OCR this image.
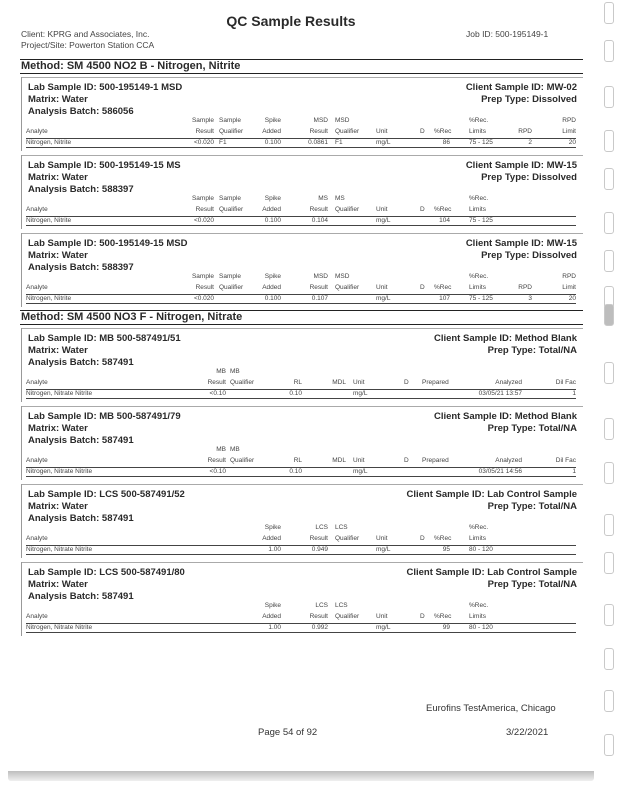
QC Sample Results
Client: KPRG and Associates, Inc.
Project/Site: Powerton Station CCA
Job ID: 500-195149-1
Method: SM 4500 NO2 B - Nitrogen, Nitrite
Method: SM 4500 NO3 F - Nitrogen, Nitrate
Lab Sample ID: 500-195149-1 MSD
Matrix: Water
Analysis Batch: 586056
Client Sample ID: MW-02
Prep Type: Dissolved
Sample Sample	Spike	MSD MSD	%Rec.	RPD
Analyte	Result Qualifier	Added	Result Qualifier	Unit	D %Rec	Limits	RPD	Limit
Nitrogen, Nitrite	<0.020 F1	0.100	0.0861 F1	mg/L	86	75 - 125	2	20
Lab Sample ID: 500-195149-15 MS
Matrix: Water
Analysis Batch: 588397
Client Sample ID: MW-15
Prep Type: Dissolved
Sample Sample	Spike	MS MS	%Rec.
Analyte	Result Qualifier	Added	Result Qualifier	Unit	D %Rec	Limits
Nitrogen, Nitrite	<0.020	0.100	0.104	mg/L	104	75 - 125
Lab Sample ID: 500-195149-15 MSD
Matrix: Water
Analysis Batch: 588397
Client Sample ID: MW-15
Prep Type: Dissolved
Sample Sample	Spike	MSD MSD	%Rec.	RPD
Analyte	Result Qualifier	Added	Result Qualifier	Unit	D %Rec	Limits	RPD	Limit
Nitrogen, Nitrite	<0.020	0.100	0.107	mg/L	107	75 - 125	3	20
Lab Sample ID: MB 500-587491/51
Matrix: Water
Analysis Batch: 587491
Client Sample ID: Method Blank
Prep Type: Total/NA
MB MB
Analyte	Result Qualifier	RL	MDL Unit	D Prepared	Analyzed	Dil Fac
Nitrogen, Nitrate Nitrite	<0.10	0.10	mg/L	03/05/21 13:57	1
Lab Sample ID: MB 500-587491/79
Matrix: Water
Analysis Batch: 587491
Client Sample ID: Method Blank
Prep Type: Total/NA
MB MB
Analyte	Result Qualifier	RL	MDL Unit	D Prepared	Analyzed	Dil Fac
Nitrogen, Nitrate Nitrite	<0.10	0.10	mg/L	03/05/21 14:56	1
Lab Sample ID: LCS 500-587491/52
Matrix: Water
Analysis Batch: 587491
Client Sample ID: Lab Control Sample
Prep Type: Total/NA
Spike	LCS LCS	%Rec.
Analyte	Added	Result Qualifier	Unit	D %Rec	Limits
Nitrogen, Nitrate Nitrite	1.00	0.949	mg/L	95	80 - 120
Lab Sample ID: LCS 500-587491/80
Matrix: Water
Analysis Batch: 587491
Client Sample ID: Lab Control Sample
Prep Type: Total/NA
Spike	LCS LCS	%Rec.
Analyte	Added	Result Qualifier	Unit	D %Rec	Limits
Nitrogen, Nitrate Nitrite	1.00	0.992	mg/L	99	80 - 120
Eurofins TestAmerica, Chicago
Page 54 of 92	3/22/2021
